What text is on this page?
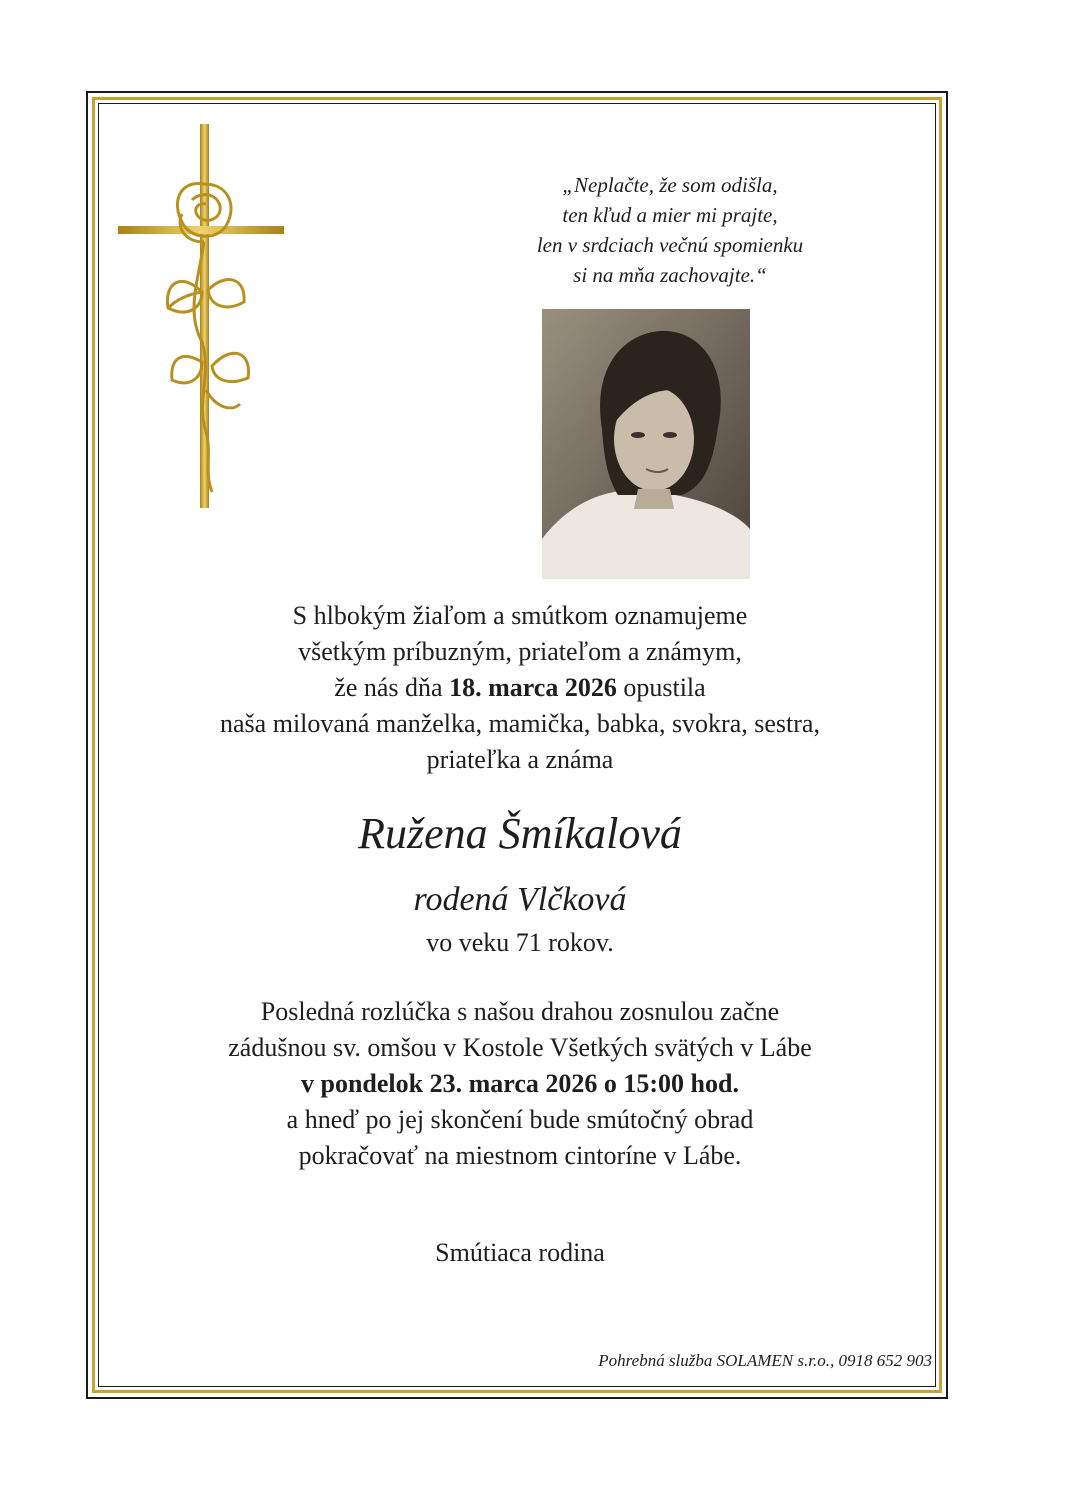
„Neplačte, že som odišla,
ten kľud a mier mi prajte,
len v srdciach večnú spomienku
si na mňa zachovajte.“
S hlbokým žiaľom a smútkom oznamujeme
všetkým príbuzným, priateľom a známym,
že nás dňa 18. marca 2026 opustila
naša milovaná manželka, mamička, babka, svokra, sestra,
priateľka a známa
Ružena Šmíkalová
rodená Vlčková
vo veku 71 rokov.
Posledná rozlúčka s našou drahou zosnulou začne
zádušnou sv. omšou v Kostole Všetkých svätých v Lábe
v pondelok 23. marca 2026 o 15:00 hod.
a hneď po jej skončení bude smútočný obrad
pokračovať na miestnom cintoríne v Lábe.
Smútiaca rodina
Pohrebná služba SOLAMEN s.r.o., 0918 652 903
